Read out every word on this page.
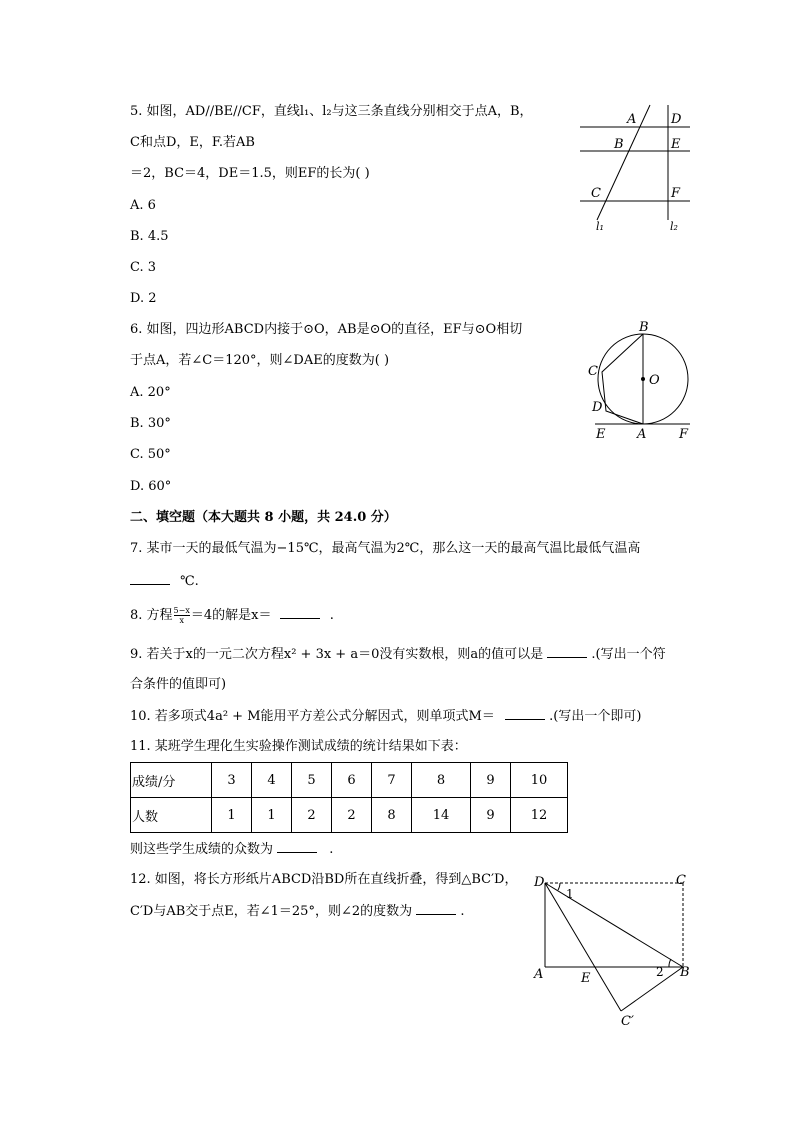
5. 如图，AD//BE//CF，直线l₁、l₂与这三条直线分别相交于点A，B，
C和点D，E，F.若AB
＝2，BC＝4，DE＝1.5，则EF的长为( )
A. 6
B. 4.5
C. 3
D. 2
A
B
C
D
E
F
l₁	l₂
6. 如图，四边形ABCD内接于⊙O，AB是⊙O的直径，EF与⊙O相切
于点A，若∠C＝120°，则∠DAE的度数为( )
A. 20°
B. 30°
C. 50°
D. 60°
B
C
O
D
E A	F
二、填空题（本大题共 8 小题，共 24.0 分）
7. 某市一天的最低气温为−15℃，最高气温为2℃，那么这一天的最高气温比最低气温高
℃.
8. 方程 $\frac{5-x}{x} =4$的解是x＝	.
9. 若关于x的一元二次方程x² + 3x + a＝0没有实数根，则a的值可以是	.(写出一个符
合条件的值即可)
10. 若多项式4a² + M能用平方差公式分解因式，则单项式M＝	.(写出一个即可)
11. 某班学生理化生实验操作测试成绩的统计结果如下表：
成绩/分	3	4	5	6	7	8	9	10
人数	1	1	2	2	8	14	9	12
则这些学生成绩的众数为	.
12. 如图，将长方形纸片ABCD沿BD所在直线折叠，得到△BC′D，
C′D与AB交于点E，若∠1＝25°，则∠2的度数为	.
D	C
A	E	B
C′
1
2
